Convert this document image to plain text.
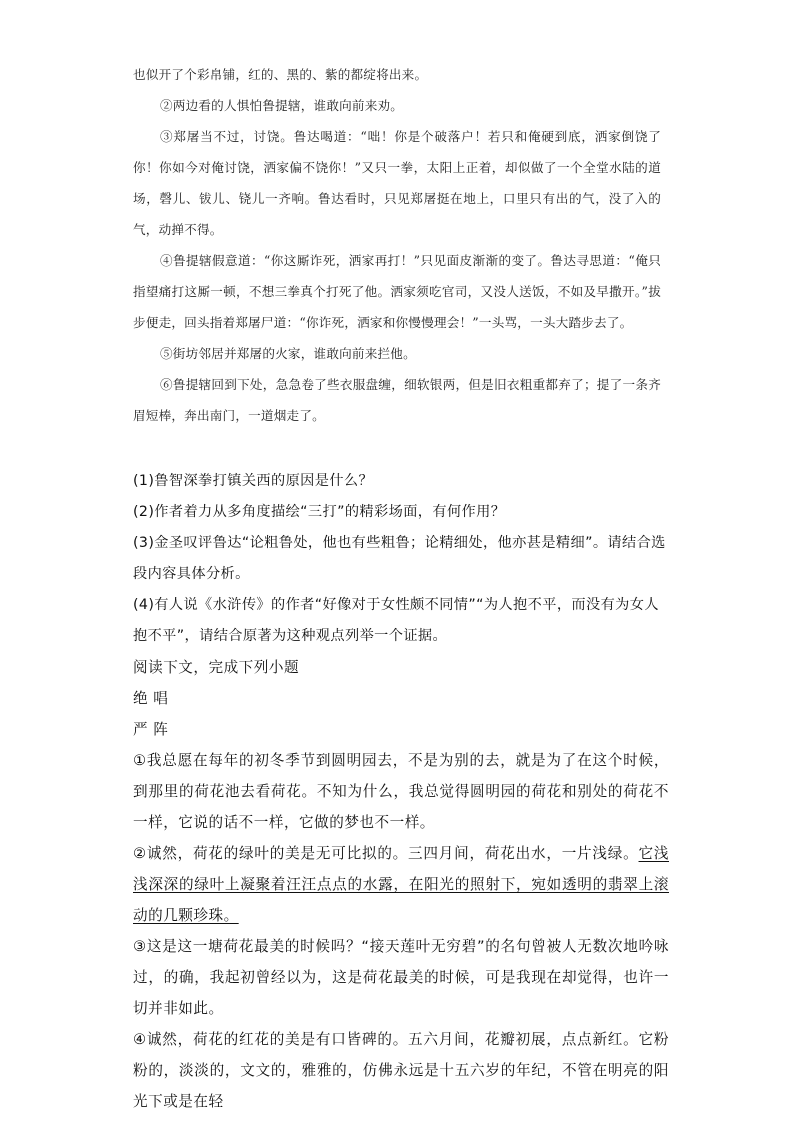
也似开了个彩帛铺，红的、黑的、紫的都绽将出来。

②两边看的人惧怕鲁提辖，谁敢向前来劝。

③郑屠当不过，讨饶。鲁达喝道：“咄！你是个破落户！若只和俺硬到底，洒家倒饶了你！你如今对俺讨饶，洒家偏不饶你！”又只一拳，太阳上正着，却似做了一个全堂水陆的道场，磬儿、钹儿、铙儿一齐响。鲁达看时，只见郑屠挺在地上，口里只有出的气，没了入的气，动掸不得。

④鲁提辖假意道：“你这厮诈死，洒家再打！”只见面皮渐渐的变了。鲁达寻思道：“俺只指望痛打这厮一顿，不想三拳真个打死了他。洒家须吃官司，又没人送饭，不如及早撒开。”拔步便走，回头指着郑屠尸道：“你诈死，洒家和你慢慢理会！”一头骂，一头大踏步去了。

⑤街坊邻居并郑屠的火家，谁敢向前来拦他。

⑥鲁提辖回到下处，急急卷了些衣服盘缠，细软银两，但是旧衣粗重都弃了；提了一条齐眉短棒，奔出南门，一道烟走了。

(1)鲁智深拳打镇关西的原因是什么？

(2)作者着力从多角度描绘“三打”的精彩场面，有何作用？

(3)金圣叹评鲁达“论粗鲁处，他也有些粗鲁；论精细处，他亦甚是精细”。请结合选段内容具体分析。

(4)有人说《水浒传》的作者“好像对于女性颇不同情”“为人抱不平，而没有为女人抱不平”，请结合原著为这种观点列举一个证据。

阅读下文，完成下列小题

绝 唱

严 阵

①我总愿在每年的初冬季节到圆明园去，不是为别的去，就是为了在这个时候，到那里的荷花池去看荷花。不知为什么，我总觉得圆明园的荷花和别处的荷花不一样，它说的话不一样，它做的梦也不一样。

②诚然，荷花的绿叶的美是无可比拟的。三四月间，荷花出水，一片浅绿。它浅浅深深的绿叶上凝聚着汪汪点点的水露，在阳光的照射下，宛如透明的翡翠上滚动的几颗珍珠。

③这是这一塘荷花最美的时候吗？“接天莲叶无穷碧”的名句曾被人无数次地吟咏过，的确，我起初曾经以为，这是荷花最美的时候，可是我现在却觉得，也许一切并非如此。

④诚然，荷花的红花的美是有口皆碑的。五六月间，花瓣初展，点点新红。它粉粉的，淡淡的，文文的，雅雅的，仿佛永远是十五六岁的年纪，不管在明亮的阳光下或是在轻
